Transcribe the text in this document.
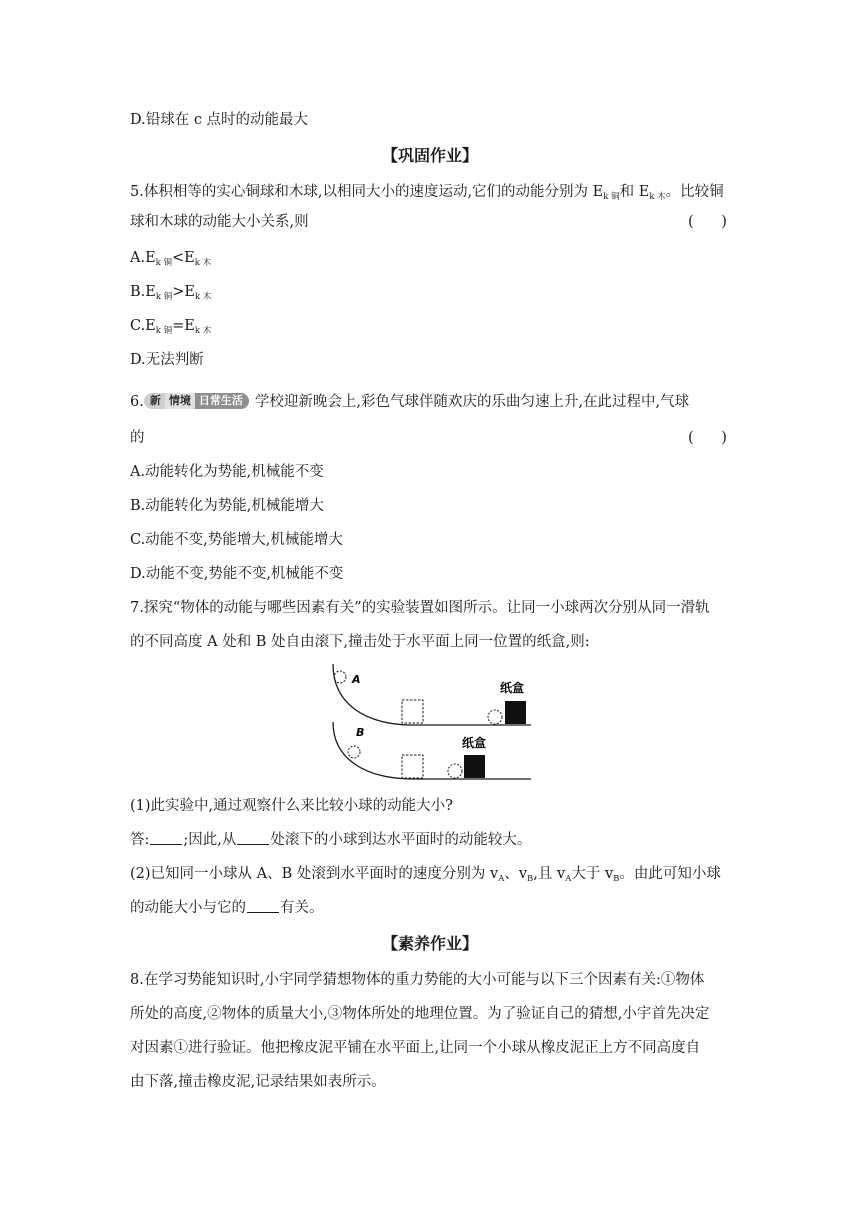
D.铅球在 c 点时的动能最大
【巩固作业】
5.体积相等的实心铜球和木球,以相同大小的速度运动,它们的动能分别为 $E_{k 铜}$和 $E_{k 木}$。比较铜
球和木球的动能大小关系,则	(      )
$A.E_{k 铜}<E_{k 木}$
$B.E_{k 铜}>E_{k 木}$
$C.E_{k 铜}=E_{k 木}$
D.无法判断
6. 新 情境 日常生活 学校迎新晚会上,彩色气球伴随欢庆的乐曲匀速上升,在此过程中,气球
的	(      )
A.动能转化为势能,机械能不变
B.动能转化为势能,机械能增大
C.动能不变,势能增大,机械能增大
D.动能不变,势能不变,机械能不变
7.探究“物体的动能与哪些因素有关”的实验装置如图所示。让同一小球两次分别从同一滑轨
的不同高度 A 处和 B 处自由滚下,撞击处于水平面上同一位置的纸盒,则:
A
纸盒
B
纸盒
(1)此实验中,通过观察什么来比较小球的动能大小?
答: ;因此,从 处滚下的小球到达水平面时的动能较大。
(2)已知同一小球从 A、B 处滚到水平面时的速度分别为 $v_A$、$v_B$,且 $v_A$大于 $v_B$。由此可知小球
的动能大小与它的 有关。
【素养作业】
8.在学习势能知识时,小宇同学猜想物体的重力势能的大小可能与以下三个因素有关:①物体
所处的高度,②物体的质量大小,③物体所处的地理位置。为了验证自己的猜想,小宇首先决定
对因素①进行验证。他把橡皮泥平铺在水平面上,让同一个小球从橡皮泥正上方不同高度自
由下落,撞击橡皮泥,记录结果如表所示。
